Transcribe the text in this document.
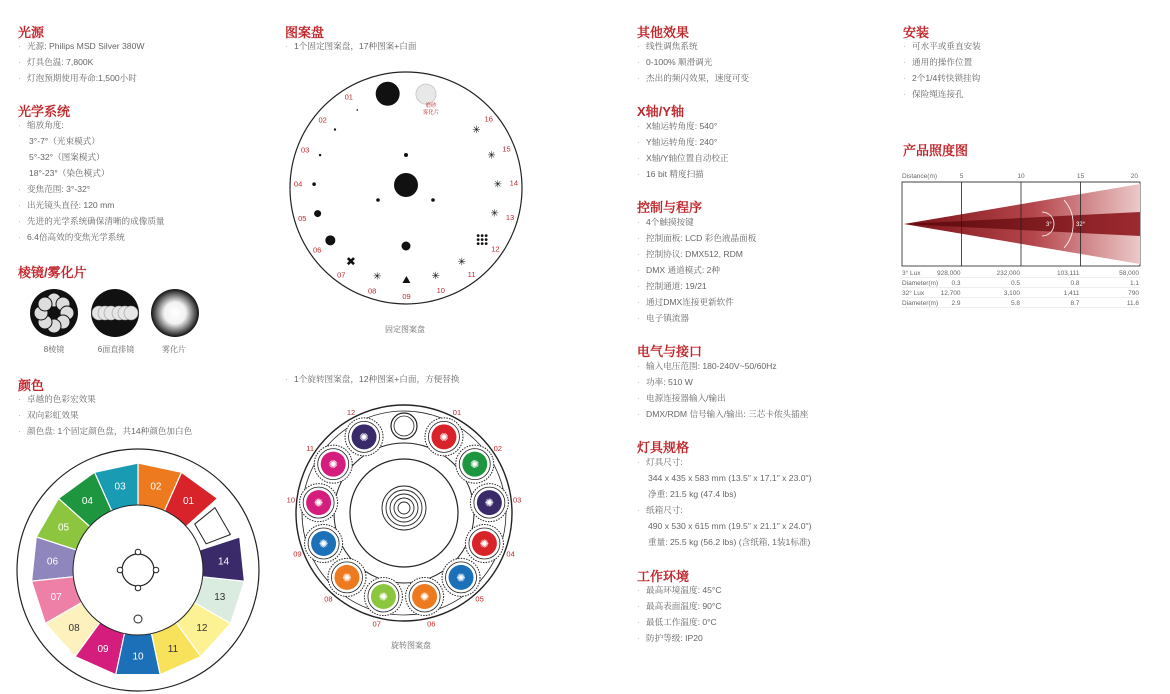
光源
· 光源: Philips MSD Silver 380W
· 灯具色温: 7,800K
· 灯泡预期使用寿命:1,500小时
光学系统
· 缩放角度:
3°-7°（光束模式）
5°-32°（图案模式）
18°-23°（染色模式）
· 变焦范围: 3°-32°
· 出光镜头直径: 120 mm
· 先进的光学系统确保清晰的成像质量
· 6.4倍高效的变焦光学系统
棱镜/雾化片
8棱镜	6面直排镜	雾化片
颜色
· 卓越的色彩宏效果
· 双向彩虹效果
· 颜色盘: 1个固定颜色盘，共14种颜色加白色
01
02
03
04
05
06
07
08
09
10
11
12
13
14
图案盘
· 1个固定图案盘，17种图案+白面
01
02
03
04
05
06
07
✖
08
✳
09
10
✳	11
✳
12
13
✳
14
✳
15
✳
16
✳
磨砂
雾化片
固定图案盘
· 1个旋转图案盘，12种图案+白面，方便替换
✺
01
✺
02
✺	03
✺
04
✺
05
✺
06
✺
07
✺
08
✺
09
✺
10
✺
11
✺
12
旋转图案盘
其他效果
· 线性调焦系统
· 0-100% 顺滑调光
· 杰出的频闪效果，速度可变
X轴/Y轴
· X轴运转角度: 540°
· Y轴运转角度: 240°
· X轴/Y轴位置自动校正
· 16 bit 精度扫描
控制与程序
· 4个触摸按键
· 控制面板: LCD 彩色液晶面板
· 控制协议: DMX512, RDM
· DMX 通道模式: 2种
· 控制通道: 19/21
· 通过DMX连接更新软件
· 电子镇流器
电气与接口
· 输入电压范围: 180-240V~50/60Hz
· 功率: 510 W
· 电源连接器输入/输出
· DMX/RDM 信号输入/输出: 三芯卡侬头插座
灯具规格
· 灯具尺寸:
344 x 435 x 583 mm (13.5" x 17.1" x 23.0")
净重: 21.5 kg (47.4 lbs)
· 纸箱尺寸:
490 x 530 x 615 mm (19.5" x 21.1" x 24.0")
重量: 25.5 kg (56.2 lbs) (含纸箱, 1装1标准)
工作环境
· 最高环境温度: 45°C
· 最高表面温度: 90°C
· 最低工作温度: 0°C
· 防护等级: IP20
安装
· 可水平或垂直安装
· 通用的操作位置
· 2个1/4转快锁挂钩
· 保险绳连接孔
产品照度图
Distance(m)	5	10	15	20
3°	32°
3° Lux	928,000	232,000	103,111	58,000
Diameter(m) 0.3	0.5	0.8	1.1
32° Lux	12,700	3,100	1,411	790
Diameter(m) 2.9	5.8	8.7	11.6
